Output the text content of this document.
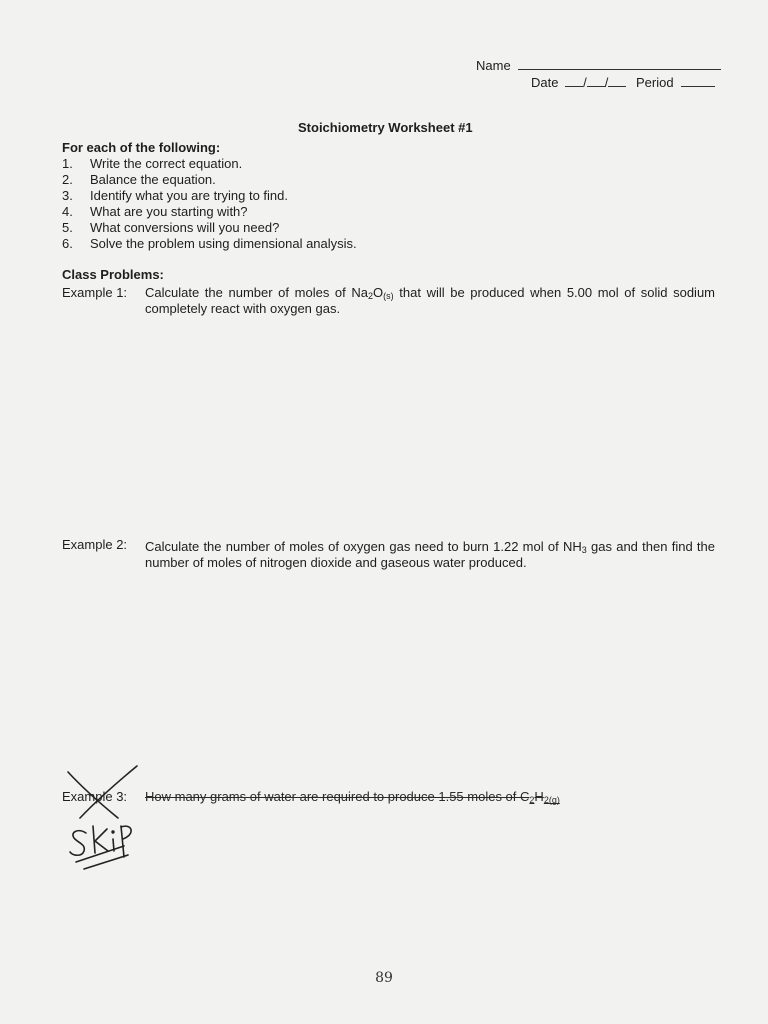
Name
Date / / Period
Stoichiometry Worksheet #1
For each of the following:
1. Write the correct equation.
2. Balance the equation.
3. Identify what you are trying to find.
4. What are you starting with?
5. What conversions will you need?
6. Solve the problem using dimensional analysis.
Class Problems:
Example 1: Calculate the number of moles of $Na_2O_{(s)}$ that will be produced when 5.00 mol of solid sodium
completely react with oxygen gas.
Example 2: Calculate the number of moles of oxygen gas need to burn 1.22 mol of $NH_3$ gas and then find the
number of moles of nitrogen dioxide and gaseous water produced.
Example 3: How many grams of water are required to produce 1.55 moles of $C_2H_{2(g)}$
89
